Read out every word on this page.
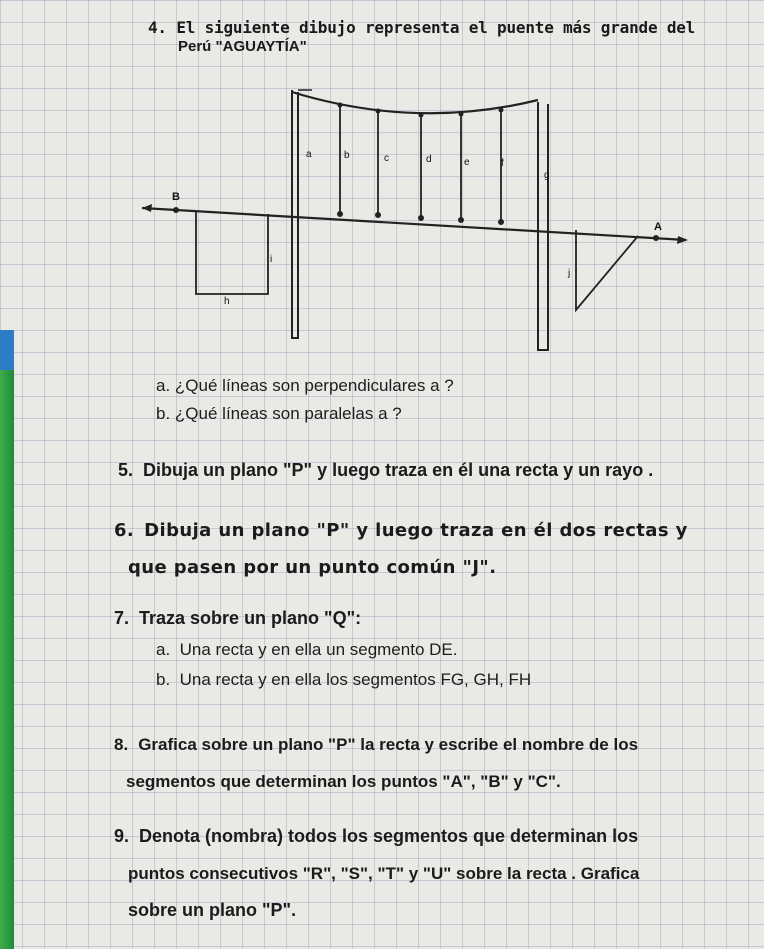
4. El siguiente dibujo representa el puente más grande del

Perú "AGUAYTÍA"

a	b	c	d	e	f
g
B
A
h
i
j
a. ¿Qué líneas son perpendiculares a ?
b. ¿Qué líneas son paralelas a ?
5. Dibuja un plano "P" y luego traza en él una recta y un rayo .
6. Dibuja un plano "P" y luego traza en él dos rectas y
que pasen por un punto común "J".
7. Traza sobre un plano "Q":
a. Una recta y en ella un segmento DE.
b. Una recta y en ella los segmentos FG, GH, FH
8. Grafica sobre un plano "P" la recta y escribe el nombre de los
segmentos que determinan los puntos "A", "B" y "C".
9. Denota (nombra) todos los segmentos que determinan los
puntos consecutivos "R", "S", "T" y "U" sobre la recta . Grafica
sobre un plano "P".
